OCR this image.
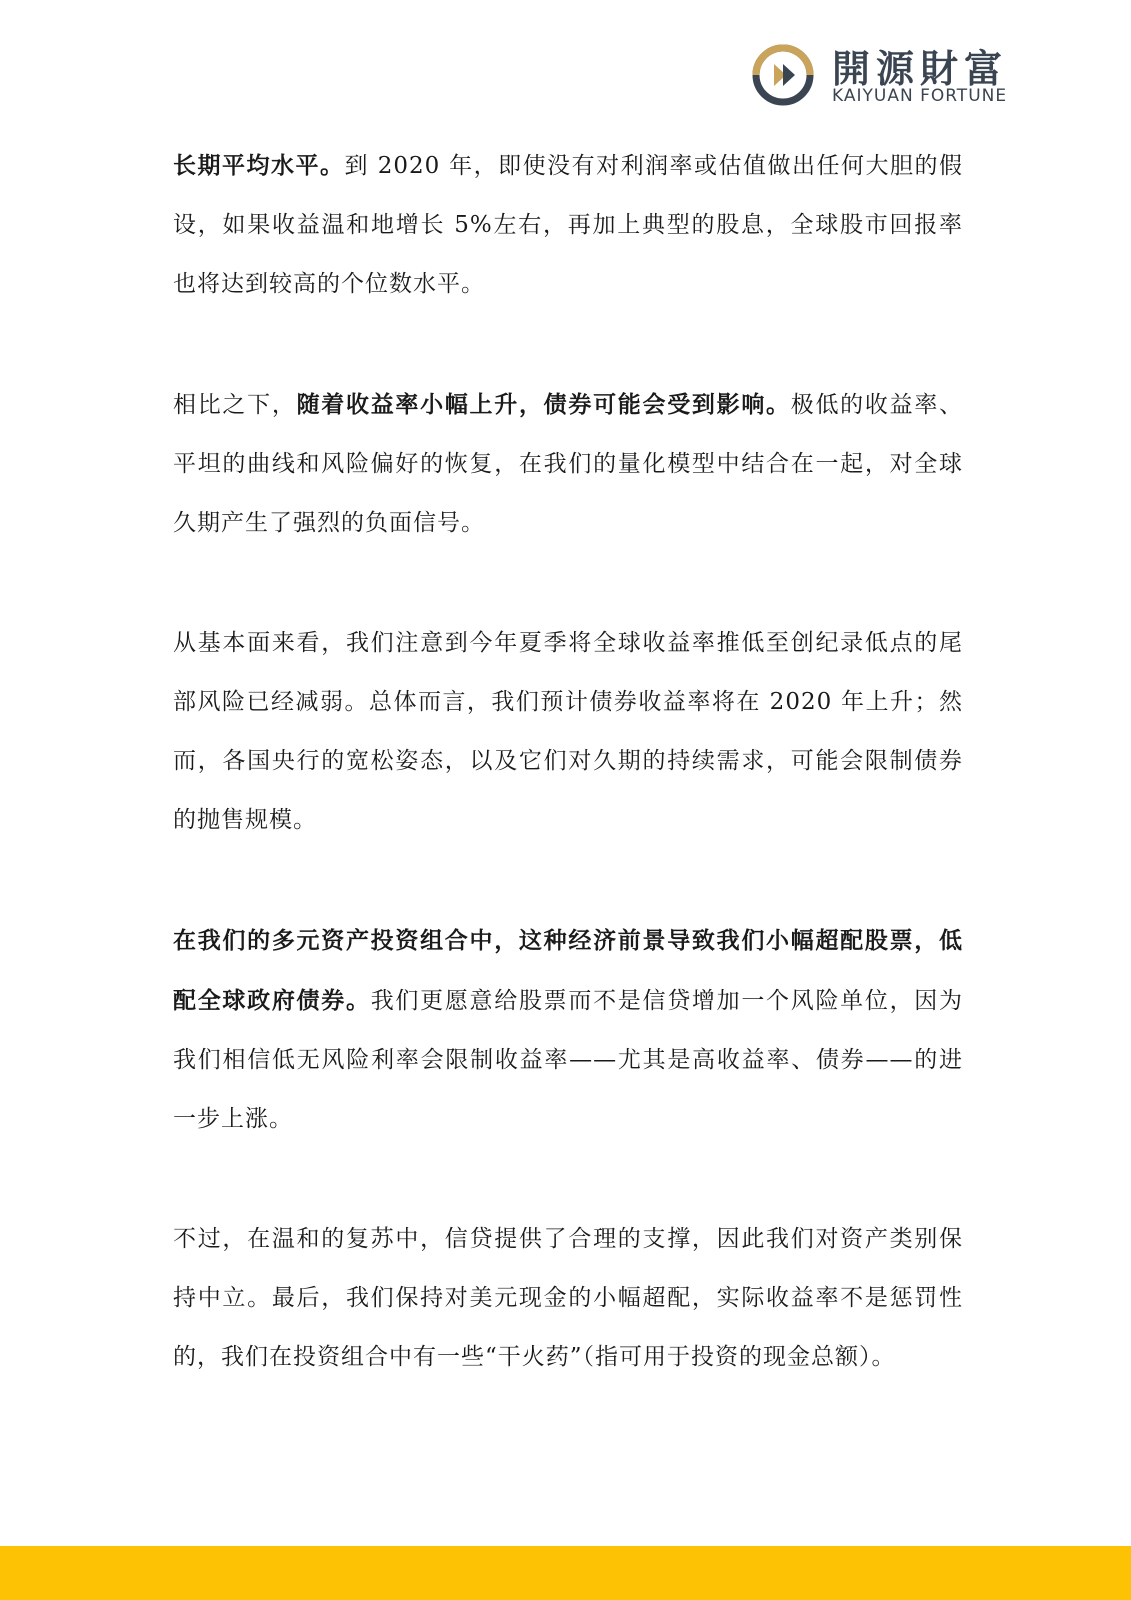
開源財富
KAIYUAN FORTUNE

长期平均水平。到 2020 年，即使没有对利润率或估值做出任何大胆的假设，如果收益温和地增长 5%左右，再加上典型的股息，全球股市回报率也将达到较高的个位数水平。

相比之下，随着收益率小幅上升，债券可能会受到影响。极低的收益率、平坦的曲线和风险偏好的恢复，在我们的量化模型中结合在一起，对全球久期产生了强烈的负面信号。

从基本面来看，我们注意到今年夏季将全球收益率推低至创纪录低点的尾部风险已经减弱。总体而言，我们预计债券收益率将在 2020 年上升；然而，各国央行的宽松姿态，以及它们对久期的持续需求，可能会限制债券的抛售规模。

在我们的多元资产投资组合中，这种经济前景导致我们小幅超配股票，低配全球政府债券。我们更愿意给股票而不是信贷增加一个风险单位，因为我们相信低无风险利率会限制收益率——尤其是高收益率、债券——的进一步上涨。

不过，在温和的复苏中，信贷提供了合理的支撑，因此我们对资产类别保持中立。最后，我们保持对美元现金的小幅超配，实际收益率不是惩罚性的，我们在投资组合中有一些“干火药”（指可用于投资的现金总额）。
